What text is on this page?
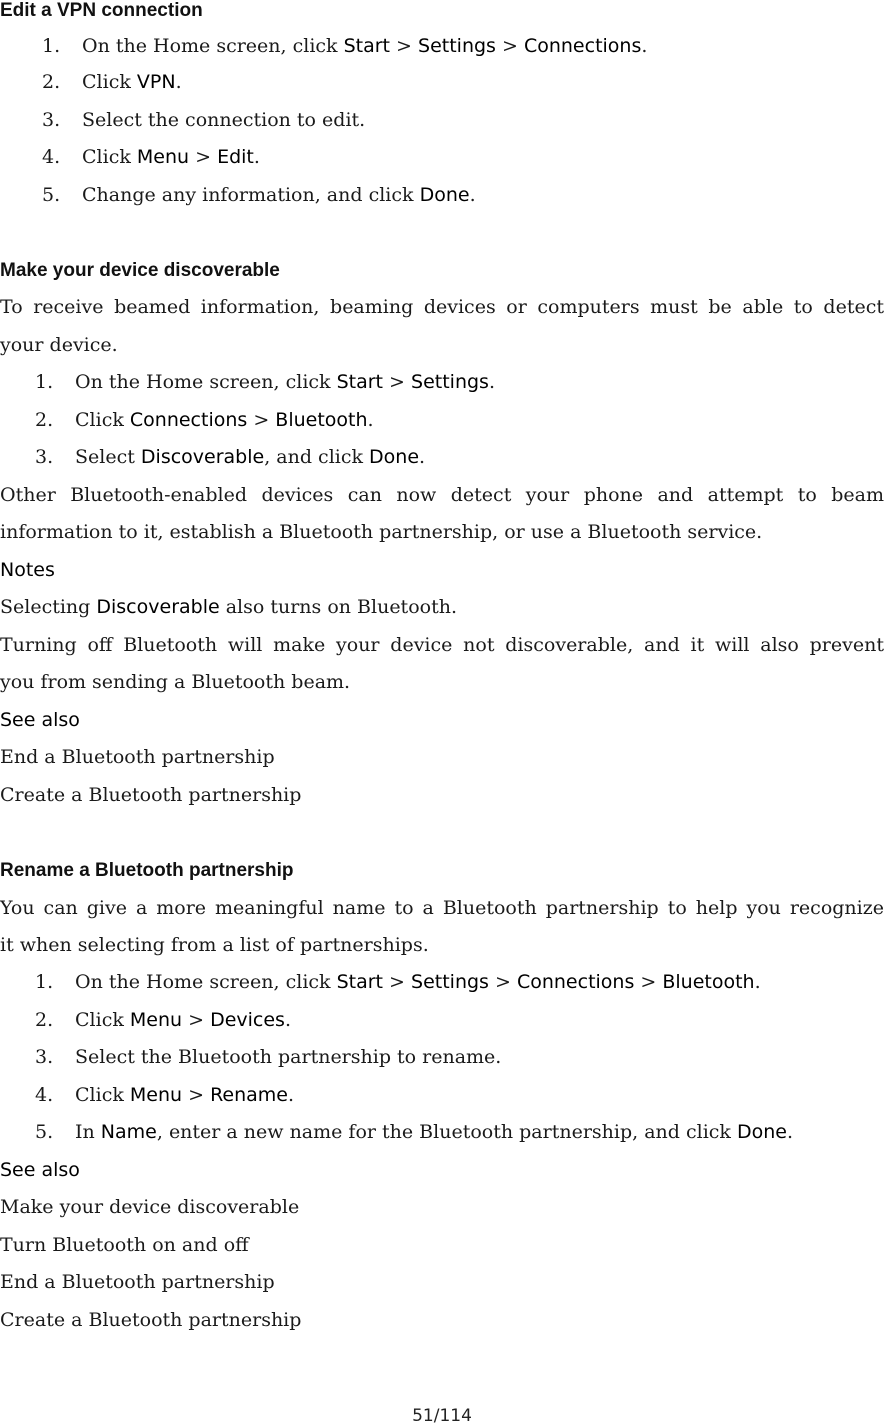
Edit a VPN connection
1. On the Home screen, click Start > Settings > Connections.
2. Click VPN.
3. Select the connection to edit.
4. Click Menu > Edit.
5. Change any information, and click Done.
Make your device discoverable
To receive beamed information, beaming devices or computers must be able to detect
your device.
1. On the Home screen, click Start > Settings.
2. Click Connections > Bluetooth.
3. Select Discoverable, and click Done.
Other Bluetooth-enabled devices can now detect your phone and attempt to beam
information to it, establish a Bluetooth partnership, or use a Bluetooth service.
Notes
Selecting Discoverable also turns on Bluetooth.
Turning off Bluetooth will make your device not discoverable, and it will also prevent
you from sending a Bluetooth beam.
See also
End a Bluetooth partnership
Create a Bluetooth partnership
Rename a Bluetooth partnership
You can give a more meaningful name to a Bluetooth partnership to help you recognize
it when selecting from a list of partnerships.
1. On the Home screen, click Start > Settings > Connections > Bluetooth.
2. Click Menu > Devices.
3. Select the Bluetooth partnership to rename.
4. Click Menu > Rename.
5. In Name, enter a new name for the Bluetooth partnership, and click Done.
See also
Make your device discoverable
Turn Bluetooth on and off
End a Bluetooth partnership
Create a Bluetooth partnership
51/114
